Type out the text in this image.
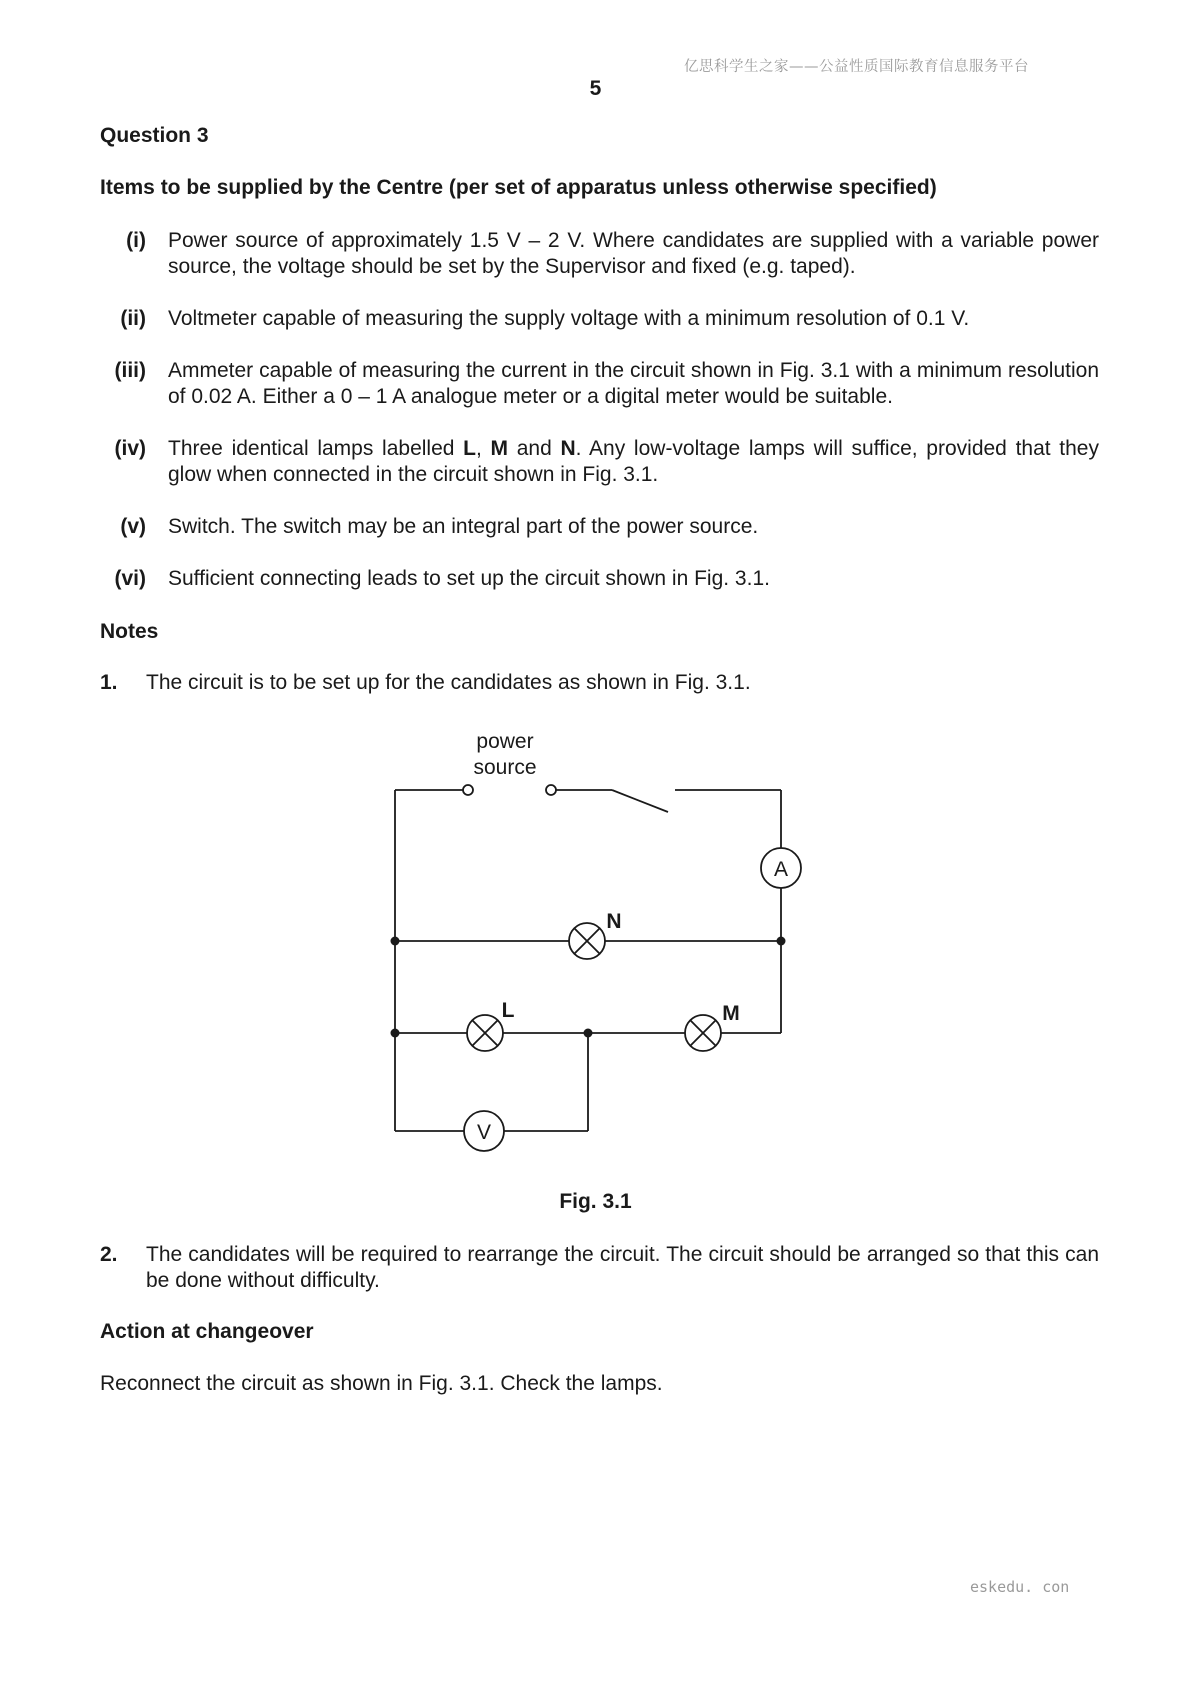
亿思科学生之家——公益性质国际教育信息服务平台
5
Question 3
Items to be supplied by the Centre (per set of apparatus unless otherwise specified)
(i) Power source of approximately 1.5 V – 2 V. Where candidates are supplied with a variable power source, the voltage should be set by the Supervisor and fixed (e.g. taped).
(ii) Voltmeter capable of measuring the supply voltage with a minimum resolution of 0.1 V.
(iii) Ammeter capable of measuring the current in the circuit shown in Fig. 3.1 with a minimum resolution of 0.02 A. Either a 0 – 1 A analogue meter or a digital meter would be suitable.
(iv) Three identical lamps labelled L, M and N. Any low-voltage lamps will suffice, provided that they glow when connected in the circuit shown in Fig. 3.1.
(v) Switch. The switch may be an integral part of the power source.
(vi) Sufficient connecting leads to set up the circuit shown in Fig. 3.1.
Notes
1. The circuit is to be set up for the candidates as shown in Fig. 3.1.
power
source
A
V
N
L	M
Fig. 3.1
2. The candidates will be required to rearrange the circuit. The circuit should be arranged so that this can be done without difficulty.
Action at changeover
Reconnect the circuit as shown in Fig. 3.1. Check the lamps.
eskedu. con
